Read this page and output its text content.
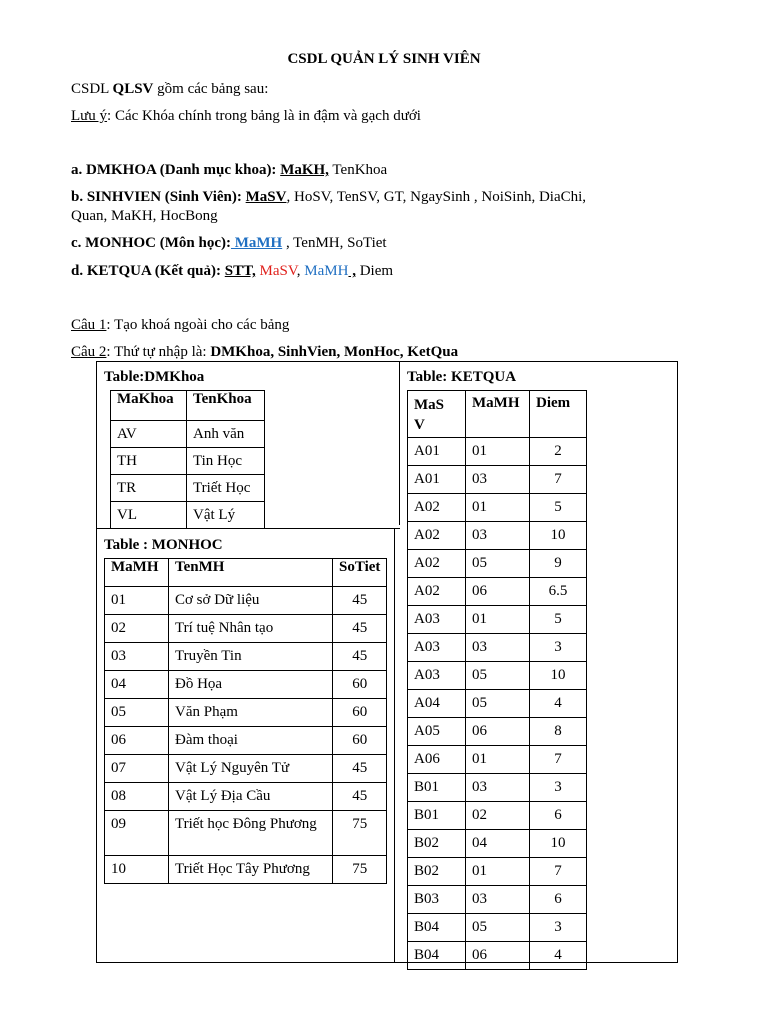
CSDL QUẢN LÝ SINH VIÊN
CSDL QLSV gồm các bảng sau:
Lưu ý: Các Khóa chính trong bảng là in đậm và gạch dưới
a. DMKHOA (Danh mục khoa): MaKH, TenKhoa
b. SINHVIEN (Sinh Viên): MaSV, HoSV, TenSV, GT, NgaySinh , NoiSinh, DiaChi,
Quan, MaKH, HocBong
c. MONHOC (Môn học): MaMH , TenMH, SoTiet
d. KETQUA (Kết quả): STT, MaSV, MaMH , Diem
Câu 1: Tạo khoá ngoài cho các bảng
Câu 2: Thứ tự nhập là: DMKhoa, SinhVien, MonHoc, KetQua
Table:DMKhoa
MaKhoa	TenKhoa
AV	Anh văn
TH	Tin Học
TR	Triết Học
VL	Vật Lý
Table : MONHOC
MaMH	TenMH	SoTiet
01	Cơ sở Dữ liệu	45
02	Trí tuệ Nhân tạo	45
03	Truyền Tin	45
04	Đồ Họa	60
05	Văn Phạm	60
06	Đàm thoại	60
07	Vật Lý Nguyên Tử	45
08	Vật Lý Địa Cầu	45
09	Triết học Đông Phương	75
10	Triết Học Tây Phương	75
Table: KETQUA
MaS V	MaMH	Diem
A01	01	2
A01	03	7
A02	01	5
A02	03	10
A02	05	9
A02	06	6.5
A03	01	5
A03	03	3
A03	05	10
A04	05	4
A05	06	8
A06	01	7
B01	03	3
B01	02	6
B02	04	10
B02	01	7
B03	03	6
B04	05	3
B04	06	4
